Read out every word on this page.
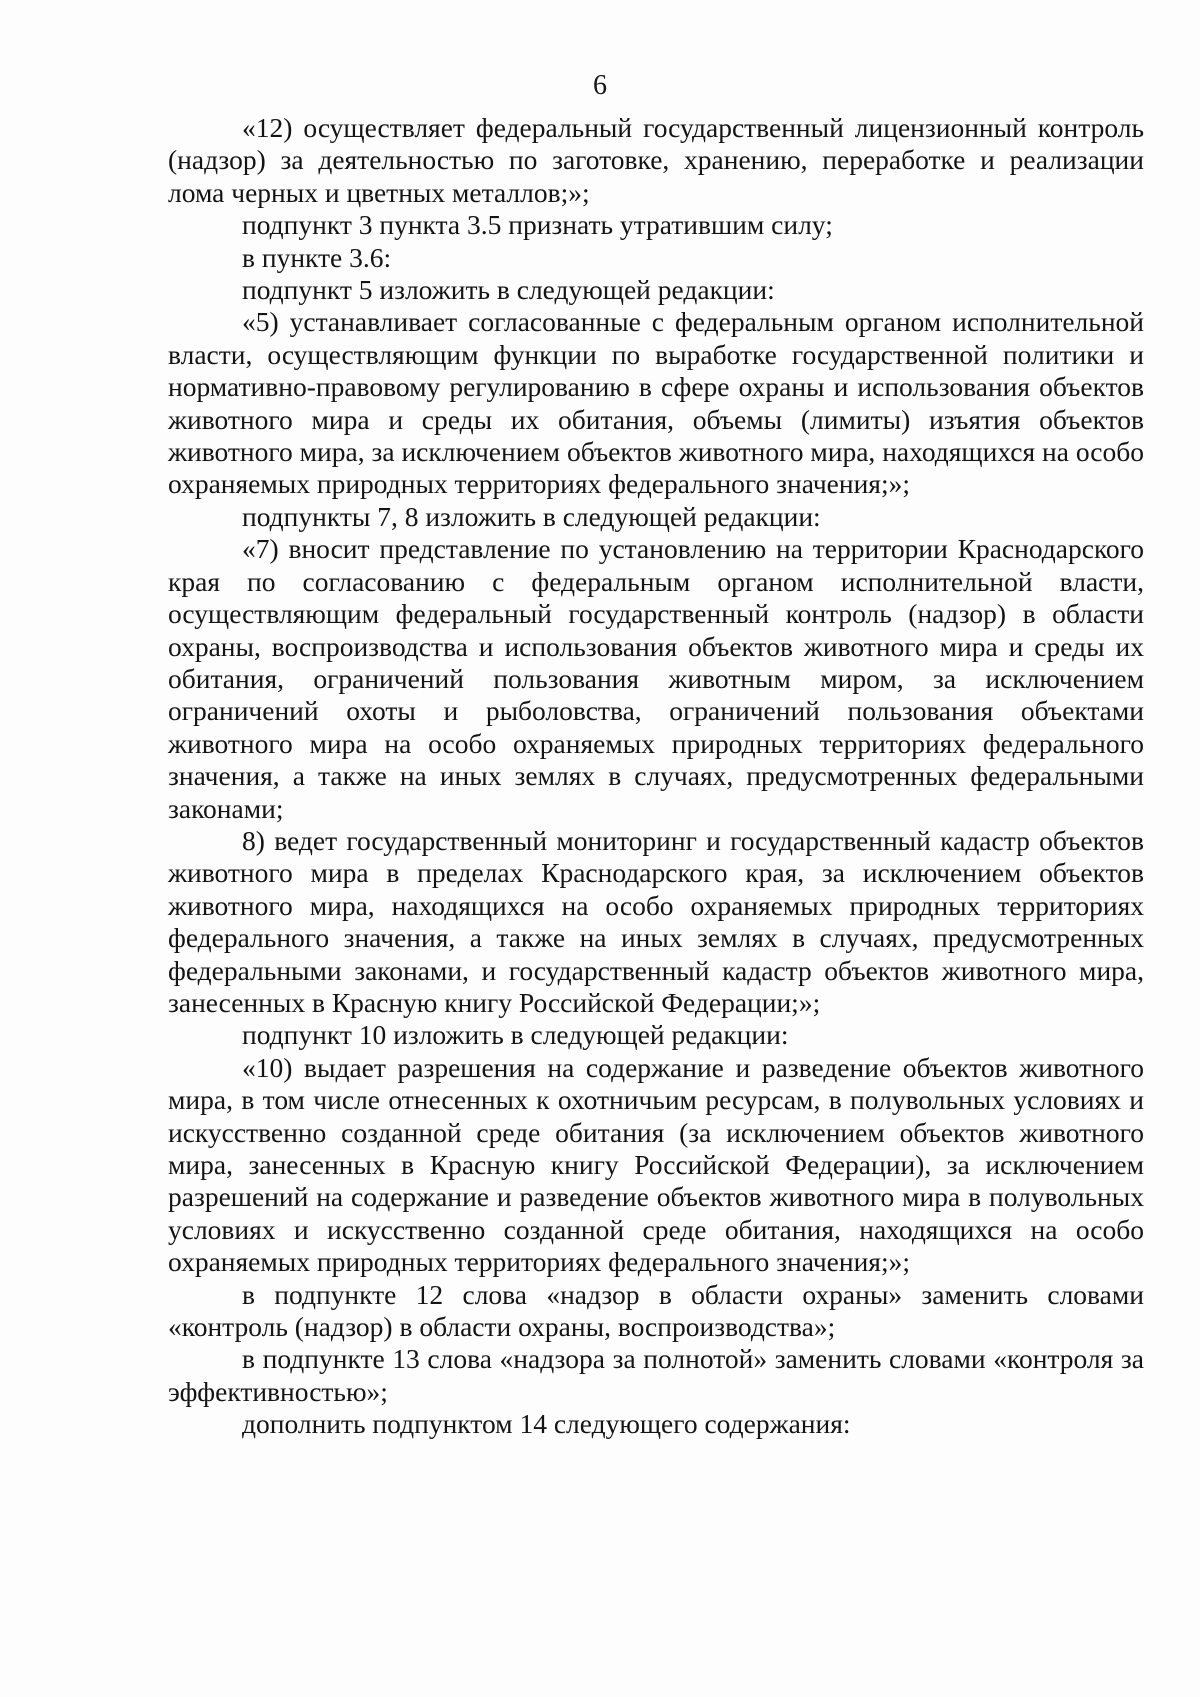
6

«12) осуществляет федеральный государственный лицензионный контроль (надзор) за деятельностью по заготовке, хранению, переработке и реализации лома черных и цветных металлов;»;

подпункт 3 пункта 3.5 признать утратившим силу;

в пункте 3.6:

подпункт 5 изложить в следующей редакции:

«5) устанавливает согласованные с федеральным органом исполнительной власти, осуществляющим функции по выработке государственной политики и нормативно-правовому регулированию в сфере охраны и использования объектов животного мира и среды их обитания, объемы (лимиты) изъятия объектов животного мира, за исключением объектов животного мира, находящихся на особо охраняемых природных территориях федерального значения;»;

подпункты 7, 8 изложить в следующей редакции:

«7) вносит представление по установлению на территории Краснодарского края по согласованию с федеральным органом исполнительной власти, осуществляющим федеральный государственный контроль (надзор) в области охраны, воспроизводства и использования объектов животного мира и среды их обитания, ограничений пользования животным миром, за исключением ограничений охоты и рыболовства, ограничений пользования объектами животного мира на особо охраняемых природных территориях федерального значения, а также на иных землях в случаях, предусмотренных федеральными законами;

8) ведет государственный мониторинг и государственный кадастр объектов животного мира в пределах Краснодарского края, за исключением объектов животного мира, находящихся на особо охраняемых природных территориях федерального значения, а также на иных землях в случаях, предусмотренных федеральными законами, и государственный кадастр объектов животного мира, занесенных в Красную книгу Российской Федерации;»;

подпункт 10 изложить в следующей редакции:

«10) выдает разрешения на содержание и разведение объектов животного мира, в том числе отнесенных к охотничьим ресурсам, в полувольных условиях и искусственно созданной среде обитания (за исключением объектов животного мира, занесенных в Красную книгу Российской Федерации), за исключением разрешений на содержание и разведение объектов животного мира в полувольных условиях и искусственно созданной среде обитания, находящихся на особо охраняемых природных территориях федерального значения;»;

в подпункте 12 слова «надзор в области охраны» заменить словами «контроль (надзор) в области охраны, воспроизводства»;

в подпункте 13 слова «надзора за полнотой» заменить словами «контроля за эффективностью»;

дополнить подпунктом 14 следующего содержания:
